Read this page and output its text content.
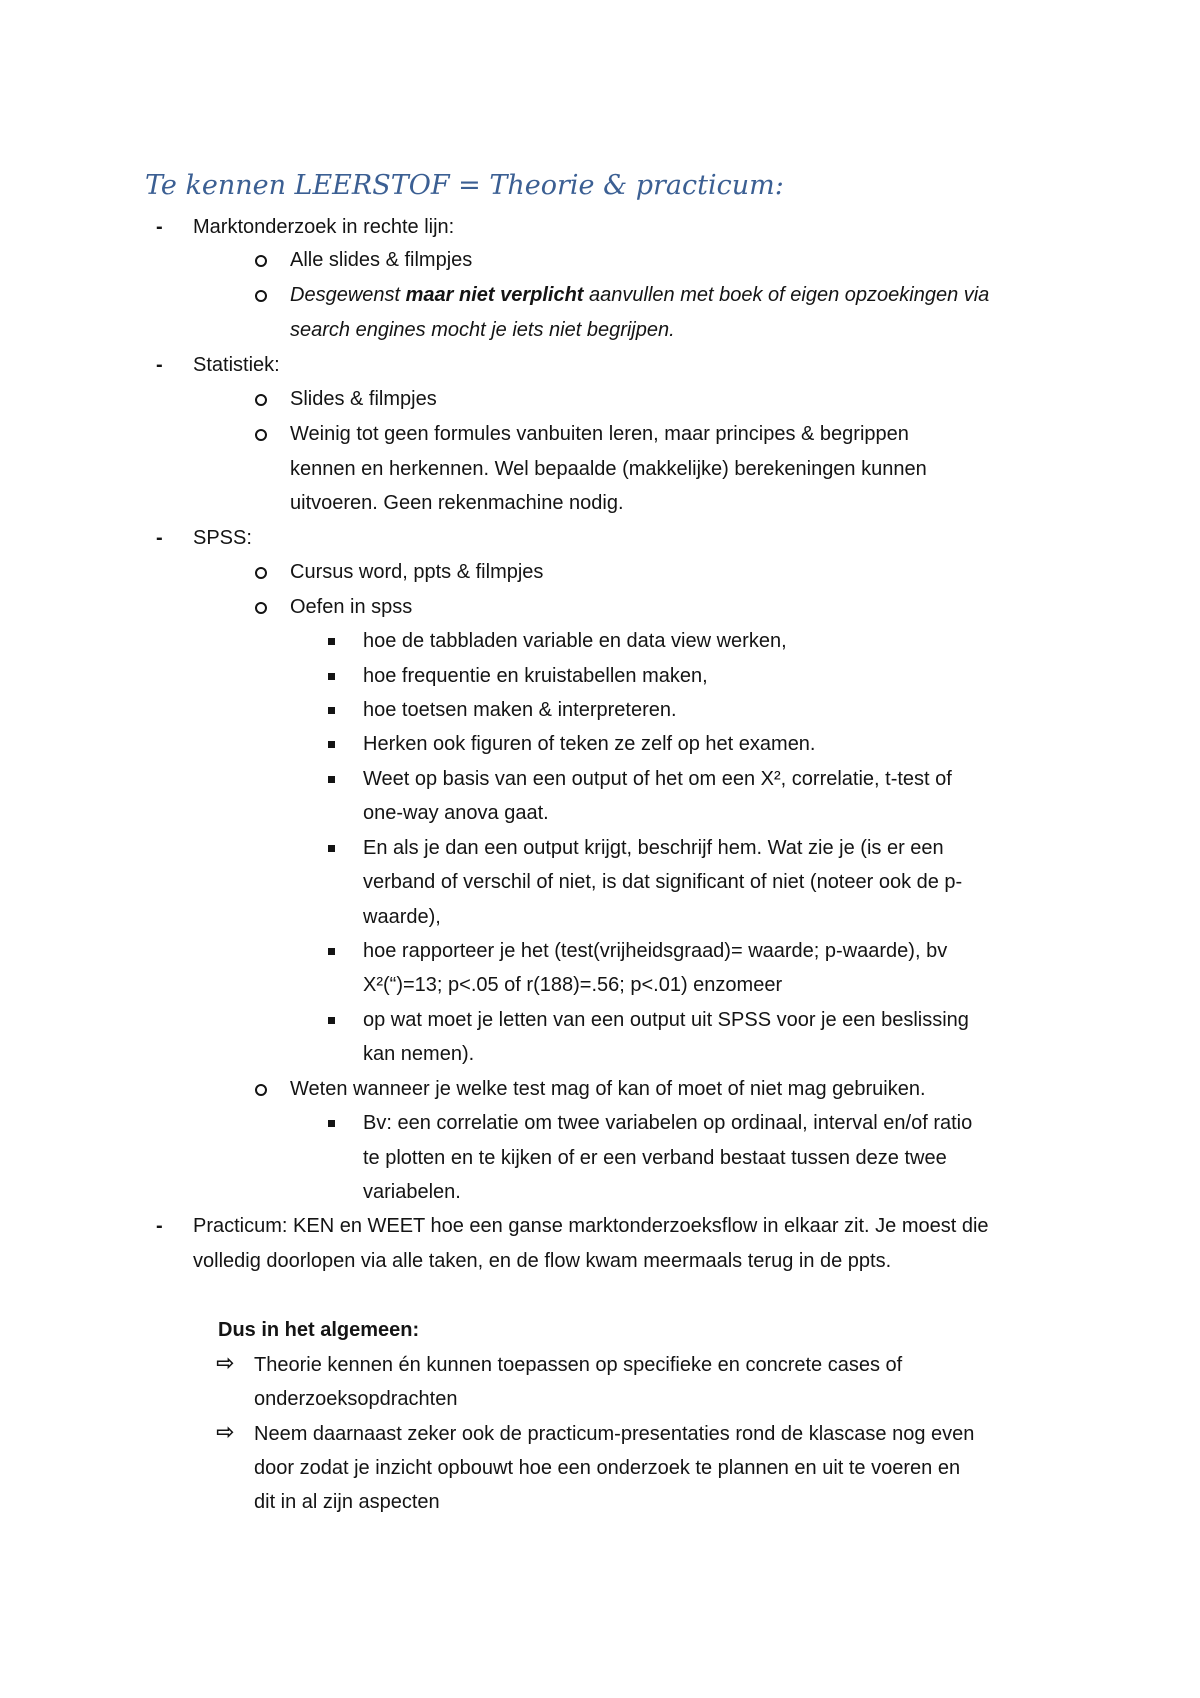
Te kennen LEERSTOF = Theorie & practicum:
- Marktonderzoek in rechte lijn:
Alle slides & filmpjes
Desgewenst maar niet verplicht aanvullen met boek of eigen opzoekingen via
search engines mocht je iets niet begrijpen.
- Statistiek:
Slides & filmpjes
Weinig tot geen formules vanbuiten leren, maar principes & begrippen
kennen en herkennen. Wel bepaalde (makkelijke) berekeningen kunnen
uitvoeren. Geen rekenmachine nodig.
- SPSS:
Cursus word, ppts & filmpjes
Oefen in spss
hoe de tabbladen variable en data view werken,
hoe frequentie en kruistabellen maken,
hoe toetsen maken & interpreteren.
Herken ook figuren of teken ze zelf op het examen.
Weet op basis van een output of het om een X², correlatie, t-test of
one-way anova gaat.
En als je dan een output krijgt, beschrijf hem. Wat zie je (is er een
verband of verschil of niet, is dat significant of niet (noteer ook de p-
waarde),
hoe rapporteer je het (test(vrijheidsgraad)= waarde; p-waarde), bv
X²(“)=13; p<.05 of r(188)=.56; p<.01) enzomeer
op wat moet je letten van een output uit SPSS voor je een beslissing
kan nemen).
Weten wanneer je welke test mag of kan of moet of niet mag gebruiken.
Bv: een correlatie om twee variabelen op ordinaal, interval en/of ratio
te plotten en te kijken of er een verband bestaat tussen deze twee
variabelen.
- Practicum: KEN en WEET hoe een ganse marktonderzoeksflow in elkaar zit. Je moest die
volledig doorlopen via alle taken, en de flow kwam meermaals terug in de ppts.
Dus in het algemeen:
⇨ Theorie kennen én kunnen toepassen op specifieke en concrete cases of
onderzoeksopdrachten
⇨ Neem daarnaast zeker ook de practicum-presentaties rond de klascase nog even
door zodat je inzicht opbouwt hoe een onderzoek te plannen en uit te voeren en
dit in al zijn aspecten
